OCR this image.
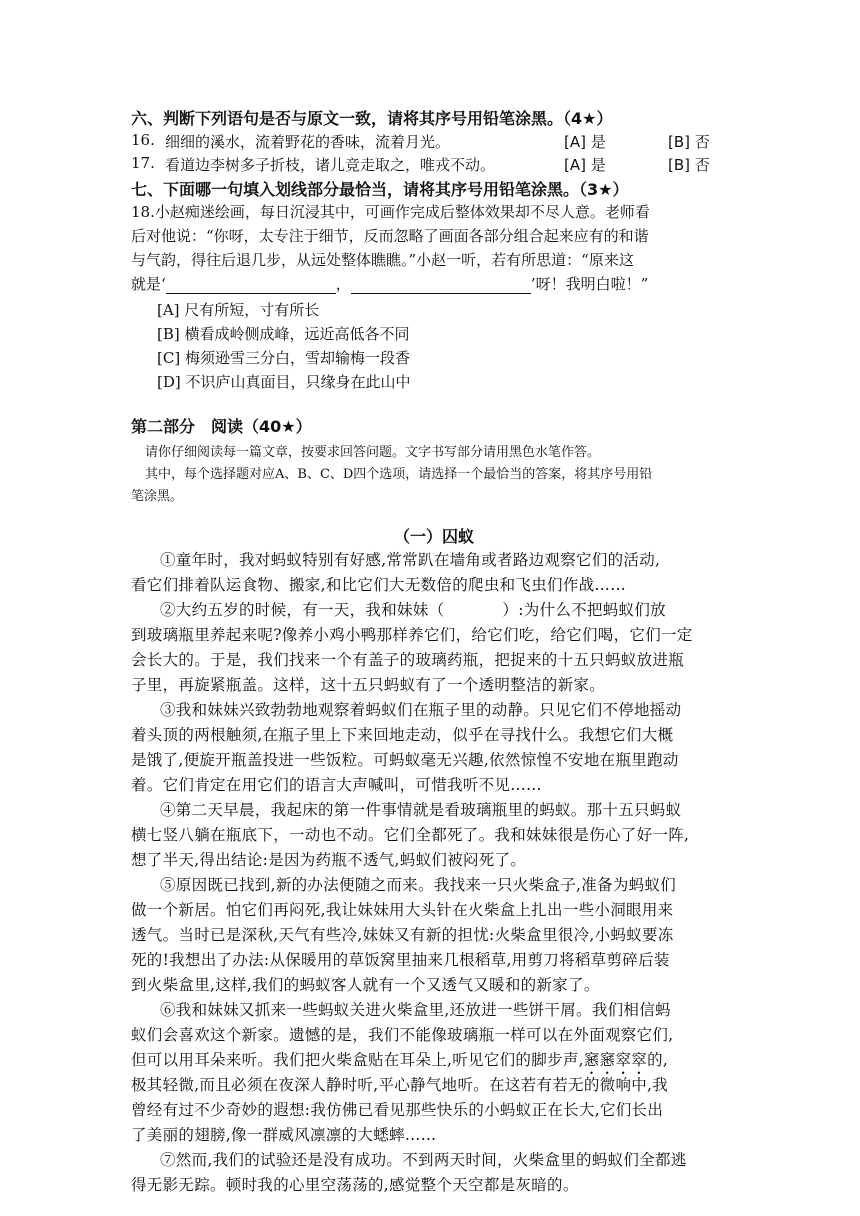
六、判断下列语句是否与原文一致，请将其序号用铅笔涂黑。（4★）
16. 细细的溪水，流着野花的香味，流着月光。	[A] 是	[B] 否
17. 看道边李树多子折枝，诸儿竞走取之，唯戎不动。	[A] 是	[B] 否
七、下面哪一句填入划线部分最恰当，请将其序号用铅笔涂黑。（3★）
18.小赵痴迷绘画，每日沉浸其中，可画作完成后整体效果却不尽人意。老师看
后对他说：“你呀，太专注于细节，反而忽略了画面各部分组合起来应有的和谐
与气韵，得往后退几步，从远处整体瞧瞧。”小赵一听，若有所思道：“原来这
就是‘	，	’呀！我明白啦！”
[A] 尺有所短，寸有所长
[B] 横看成岭侧成峰，远近高低各不同
[C] 梅须逊雪三分白，雪却输梅一段香
[D] 不识庐山真面目，只缘身在此山中
第二部分　阅读（40★）
请你仔细阅读每一篇文章，按要求回答问题。文字书写部分请用黑色水笔作答。
其中，每个选择题对应A、B、C、D四个选项，请选择一个最恰当的答案，将其序号用铅
笔涂黑。
（一）囚蚁
①童年时，我对蚂蚁特别有好感,常常趴在墙角或者路边观察它们的活动,
看它们排着队运食物、搬家,和比它们大无数倍的爬虫和飞虫们作战……
②大约五岁的时候，有一天，我和妹妹（	）:为什么不把蚂蚁们放
到玻璃瓶里养起来呢?像养小鸡小鸭那样养它们，给它们吃，给它们喝，它们一定
会长大的。于是，我们找来一个有盖子的玻璃药瓶，把捉来的十五只蚂蚁放进瓶
子里，再旋紧瓶盖。这样，这十五只蚂蚁有了一个透明整洁的新家。
③我和妹妹兴致勃勃地观察着蚂蚁们在瓶子里的动静。只见它们不停地摇动
着头顶的两根触须,在瓶子里上下来回地走动，似乎在寻找什么。我想它们大概
是饿了,便旋开瓶盖投进一些饭粒。可蚂蚁毫无兴趣,依然惊惶不安地在瓶里跑动
着。它们肯定在用它们的语言大声喊叫，可惜我听不见……
④第二天早晨，我起床的第一件事情就是看玻璃瓶里的蚂蚁。那十五只蚂蚁
横七竖八躺在瓶底下，一动也不动。它们全都死了。我和妹妹很是伤心了好一阵,
想了半天,得出结论:是因为药瓶不透气,蚂蚁们被闷死了。
⑤原因既已找到,新的办法便随之而来。我找来一只火柴盒子,准备为蚂蚁们
做一个新居。怕它们再闷死,我让妹妹用大头针在火柴盒上扎出一些小洞眼用来
透气。当时已是深秋,天气有些冷,妹妹又有新的担忧:火柴盒里很冷,小蚂蚁要冻
死的!我想出了办法:从保暖用的草饭窝里抽来几根稻草,用剪刀将稻草剪碎后装
到火柴盒里,这样,我们的蚂蚁客人就有一个又透气又暖和的新家了。
⑥我和妹妹又抓来一些蚂蚁关进火柴盒里,还放进一些饼干屑。我们相信蚂
蚁们会喜欢这个新家。遗憾的是，我们不能像玻璃瓶一样可以在外面观察它们,
但可以用耳朵来听。我们把火柴盒贴在耳朵上,听见它们的脚步声,窸窸窣窣的,
极其轻微,而且必须在夜深人静时听,平心静气地听。在这若有若无的微响中,我
曾经有过不少奇妙的遐想:我仿佛已看见那些快乐的小蚂蚁正在长大,它们长出
了美丽的翅膀,像一群威风凛凛的大蟋蟀……
⑦然而,我们的试验还是没有成功。不到两天时间，火柴盒里的蚂蚁们全都逃
得无影无踪。顿时我的心里空荡荡的,感觉整个天空都是灰暗的。
